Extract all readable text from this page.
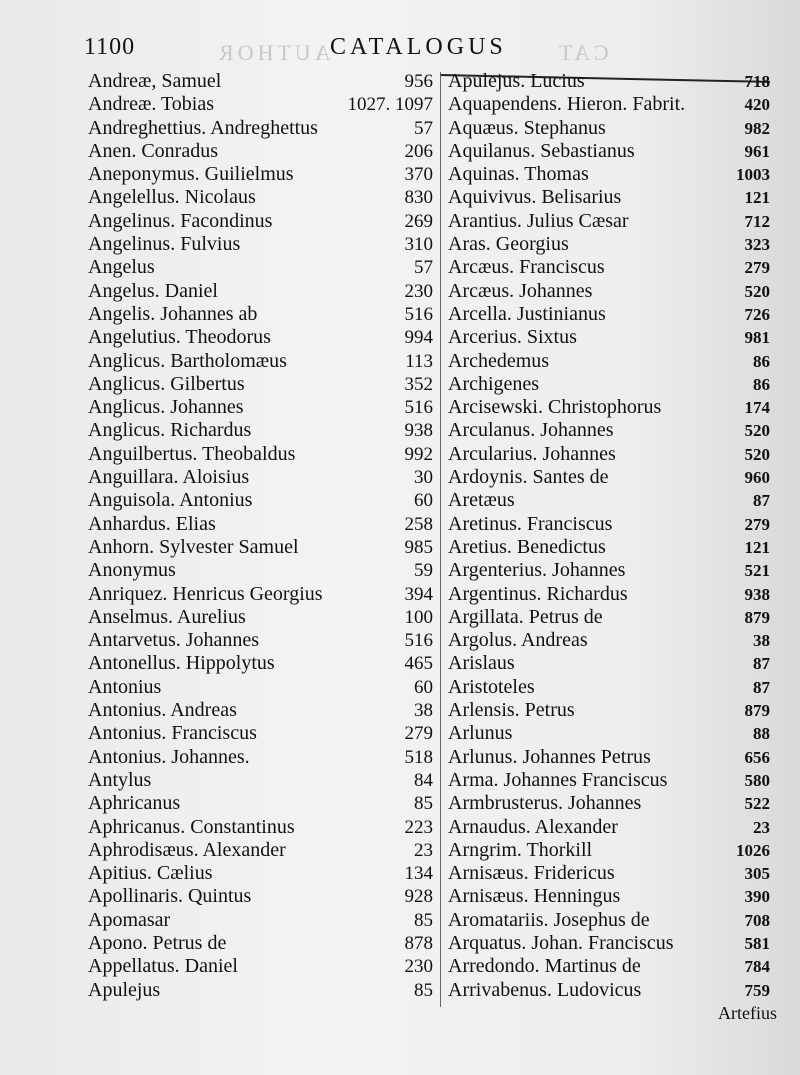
1100	CATALOGUS
AUTHOR	CAT
Andreæ, Samuel	956
Andreæ. Tobias	1027. 1097
Andreghettius. Andreghettus	57
Anen. Conradus	206
Aneponymus. Guilielmus	370
Angelellus. Nicolaus	830
Angelinus. Facondinus	269
Angelinus. Fulvius	310
Angelus	57
Angelus. Daniel	230
Angelis. Johannes ab	516
Angelutius. Theodorus	994
Anglicus. Bartholomæus	113
Anglicus. Gilbertus	352
Anglicus. Johannes	516
Anglicus. Richardus	938
Anguilbertus. Theobaldus	992
Anguillara. Aloisius	30
Anguisola. Antonius	60
Anhardus. Elias	258
Anhorn. Sylvester Samuel	985
Anonymus	59
Anriquez. Henricus Georgius	394
Anselmus. Aurelius	100
Antarvetus. Johannes	516
Antonellus. Hippolytus	465
Antonius	60
Antonius. Andreas	38
Antonius. Franciscus	279
Antonius. Johannes.	518
Antylus	84
Aphricanus	85
Aphricanus. Constantinus	223
Aphrodisæus. Alexander	23
Apitius. Cælius	134
Apollinaris. Quintus	928
Apomasar	85
Apono. Petrus de	878
Appellatus. Daniel	230
Apulejus	85
Apulejus. Lucius	718
Aquapendens. Hieron. Fabrit.	420
Aquæus. Stephanus	982
Aquilanus. Sebastianus	961
Aquinas. Thomas	1003
Aquivivus. Belisarius	121
Arantius. Julius Cæsar	712
Aras. Georgius	323
Arcæus. Franciscus	279
Arcæus. Johannes	520
Arcella. Justinianus	726
Arcerius. Sixtus	981
Archedemus	86
Archigenes	86
Arcisewski. Christophorus	174
Arculanus. Johannes	520
Arcularius. Johannes	520
Ardoynis. Santes de	960
Aretæus	87
Aretinus. Franciscus	279
Aretius. Benedictus	121
Argenterius. Johannes	521
Argentinus. Richardus	938
Argillata. Petrus de	879
Argolus. Andreas	38
Arislaus	87
Aristoteles	87
Arlensis. Petrus	879
Arlunus	88
Arlunus. Johannes Petrus	656
Arma. Johannes Franciscus	580
Armbrusterus. Johannes	522
Arnaudus. Alexander	23
Arngrim. Thorkill	1026
Arnisæus. Fridericus	305
Arnisæus. Henningus	390
Aromatariis. Josephus de	708
Arquatus. Johan. Franciscus	581
Arredondo. Martinus de	784
Arrivabenus. Ludovicus	759
Artefius
